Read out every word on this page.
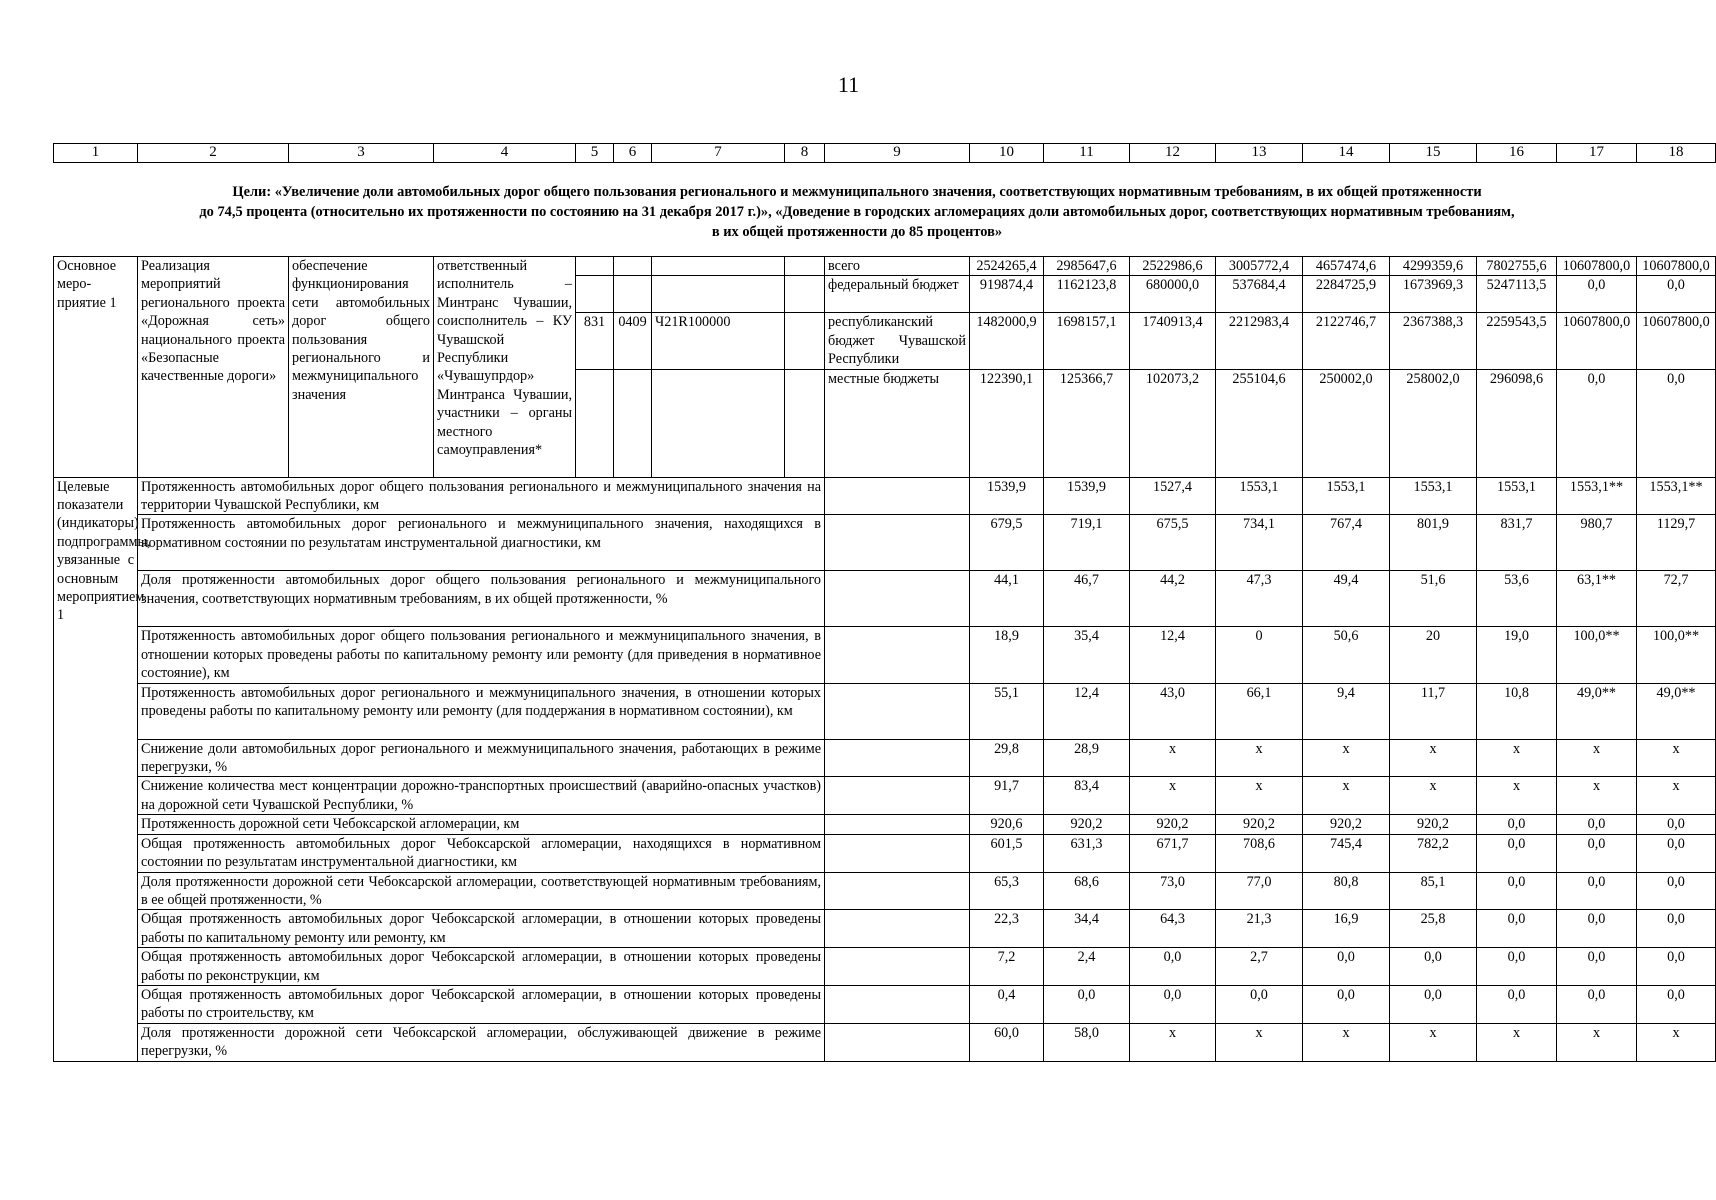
11
1	2	3	4	5	6	7	8	9	10	11	12	13	14	15	16	17	18
Цели: «Увеличение доли автомобильных дорог общего пользования регионального и межмуниципального значения, соответствующих нормативным требованиям, в их общей протяженности
до 74,5 процента (относительно их протяженности по состоянию на 31 декабря 2017 г.)», «Доведение в городских агломерациях доли автомобильных дорог, соответствующих нормативным требованиям,
в их общей протяженности до 85 процентов»
Основное меро-приятие 1	Реализация мероприятий регионального проекта «Дорожная сеть» национального проекта «Безопасные качественные дороги»	обеспечение функционирования сети автомобильных дорог общего пользования регионального и межмуниципального значения	ответственный исполнитель – Минтранс Чувашии, соисполнитель – КУ Чувашской Республики «Чувашупрдор» Минтранса Чувашии, участники – органы местного самоуправления*					всего	2524265,4	2985647,6	2522986,6	3005772,4	4657474,6	4299359,6	7802755,6	10607800,0	10607800,0
								федеральный бюджет	919874,4	1162123,8	680000,0	537684,4	2284725,9	1673969,3	5247113,5	0,0	0,0
				831	0409	Ч21R100000		республиканский бюджет Чувашской Республики	1482000,9	1698157,1	1740913,4	2212983,4	2122746,7	2367388,3	2259543,5	10607800,0	10607800,0
								местные бюджеты	122390,1	125366,7	102073,2	255104,6	250002,0	258002,0	296098,6	0,0	0,0
Целевые показатели (индикаторы) подпрограммы, увязанные с основным мероприятием 1	Протяженность автомобильных дорог общего пользования регионального и межмуниципального значения на территории Чувашской Республики, км								1539,9	1539,9	1527,4	1553,1	1553,1	1553,1	1553,1	1553,1**	1553,1**
	Протяженность автомобильных дорог регионального и межмуниципального значения, находящихся в нормативном состоянии по результатам инструментальной диагностики, км								679,5	719,1	675,5	734,1	767,4	801,9	831,7	980,7	1129,7
	Доля протяженности автомобильных дорог общего пользования регионального и межмуниципального значения, соответствующих нормативным требованиям, в их общей протяженности, %								44,1	46,7	44,2	47,3	49,4	51,6	53,6	63,1**	72,7
	Протяженность автомобильных дорог общего пользования регионального и межмуниципального значения, в отношении которых проведены работы по капитальному ремонту или ремонту (для приведения в нормативное состояние), км								18,9	35,4	12,4	0	50,6	20	19,0	100,0**	100,0**
	Протяженность автомобильных дорог регионального и межмуниципального значения, в отношении которых проведены работы по капитальному ремонту или ремонту (для поддержания в нормативном состоянии), км								55,1	12,4	43,0	66,1	9,4	11,7	10,8	49,0**	49,0**
	Снижение доли автомобильных дорог регионального и межмуниципального значения, работающих в режиме перегрузки, %								29,8	28,9	x	x	x	x	x	x	x
	Снижение количества мест концентрации дорожно-транспортных происшествий (аварийно-опасных участков) на дорожной сети Чувашской Республики, %								91,7	83,4	x	x	x	x	x	x	x
	Протяженность дорожной сети Чебоксарской агломерации, км								920,6	920,2	920,2	920,2	920,2	920,2	0,0	0,0	0,0
	Общая протяженность автомобильных дорог Чебоксарской агломерации, находящихся в нормативном состоянии по результатам инструментальной диагностики, км								601,5	631,3	671,7	708,6	745,4	782,2	0,0	0,0	0,0
	Доля протяженности дорожной сети Чебоксарской агломерации, соответствующей нормативным требованиям, в ее общей протяженности, %								65,3	68,6	73,0	77,0	80,8	85,1	0,0	0,0	0,0
	Общая протяженность автомобильных дорог Чебоксарской агломерации, в отношении которых проведены работы по капитальному ремонту или ремонту, км								22,3	34,4	64,3	21,3	16,9	25,8	0,0	0,0	0,0
	Общая протяженность автомобильных дорог Чебоксарской агломерации, в отношении которых проведены работы по реконструкции, км								7,2	2,4	0,0	2,7	0,0	0,0	0,0	0,0	0,0
	Общая протяженность автомобильных дорог Чебоксарской агломерации, в отношении которых проведены работы по строительству, км								0,4	0,0	0,0	0,0	0,0	0,0	0,0	0,0	0,0
	Доля протяженности дорожной сети Чебоксарской агломерации, обслуживающей движение в режиме перегрузки, %								60,0	58,0	x	x	x	x	x	x	x
